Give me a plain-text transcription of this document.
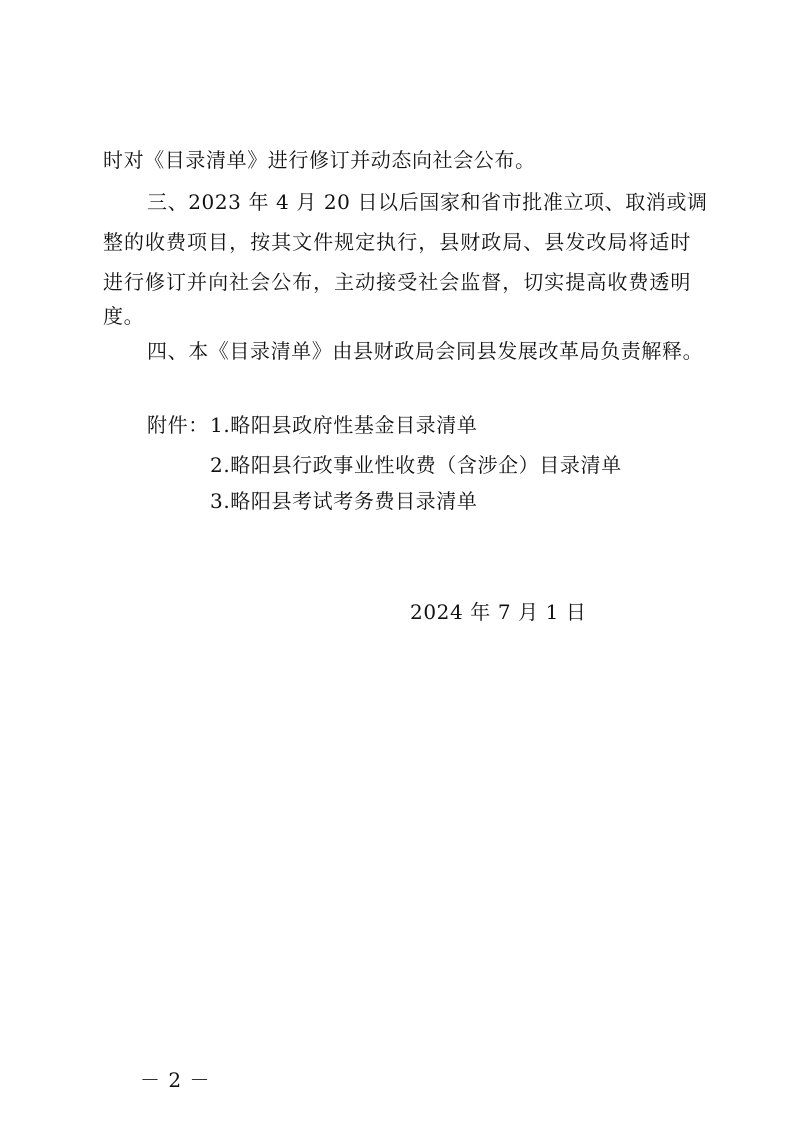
时对《目录清单》进行修订并动态向社会公布。
三、2023 年 4 月 20 日以后国家和省市批准立项、取消或调
整的收费项目，按其文件规定执行，县财政局、县发改局将适时
进行修订并向社会公布，主动接受社会监督，切实提高收费透明
度。
四、本《目录清单》由县财政局会同县发展改革局负责解释。
附件： 1.略阳县政府性基金目录清单
2.略阳县行政事业性收费（含涉企）目录清单
3.略阳县考试考务费目录清单
2024 年 7 月 1 日
－ 2 －
